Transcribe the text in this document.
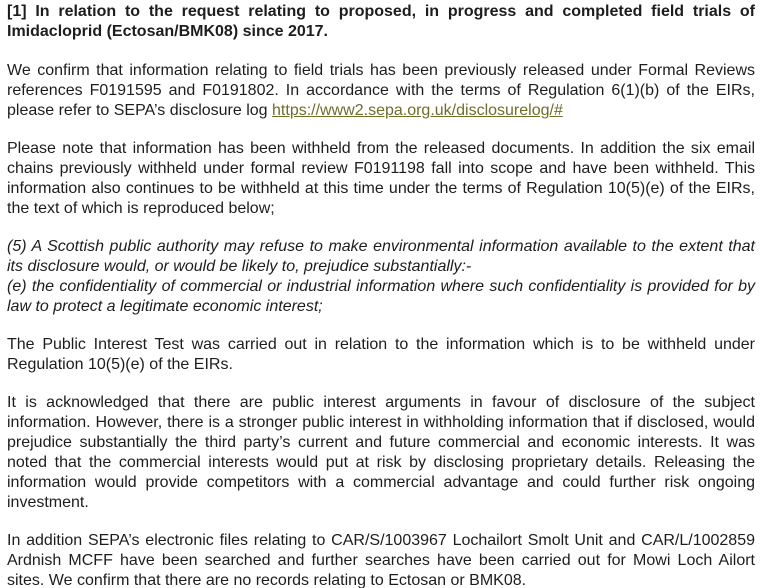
[1] In relation to the request relating to proposed, in progress and completed field trials of Imidacloprid (Ectosan/BMK08) since 2017.

We confirm that information relating to field trials has been previously released under Formal Reviews references F0191595 and F0191802. In accordance with the terms of Regulation 6(1)(b) of the EIRs, please refer to SEPA’s disclosure log https://www2.sepa.org.uk/disclosurelog/#

Please note that information has been withheld from the released documents. In addition the six email chains previously withheld under formal review F0191198 fall into scope and have been withheld. This information also continues to be withheld at this time under the terms of Regulation 10(5)(e) of the EIRs, the text of which is reproduced below;

(5) A Scottish public authority may refuse to make environmental information available to the extent that its disclosure would, or would be likely to, prejudice substantially:-
(e) the confidentiality of commercial or industrial information where such confidentiality is provided for by law to protect a legitimate economic interest;

The Public Interest Test was carried out in relation to the information which is to be withheld under Regulation 10(5)(e) of the EIRs.

It is acknowledged that there are public interest arguments in favour of disclosure of the subject information. However, there is a stronger public interest in withholding information that if disclosed, would prejudice substantially the third party’s current and future commercial and economic interests. It was noted that the commercial interests would put at risk by disclosing proprietary details. Releasing the information would provide competitors with a commercial advantage and could further risk ongoing investment.

In addition SEPA’s electronic files relating to CAR/S/1003967 Lochailort Smolt Unit and CAR/L/1002859 Ardnish MCFF have been searched and further searches have been carried out for Mowi Loch Ailort sites. We confirm that there are no records relating to Ectosan or BMK08.
